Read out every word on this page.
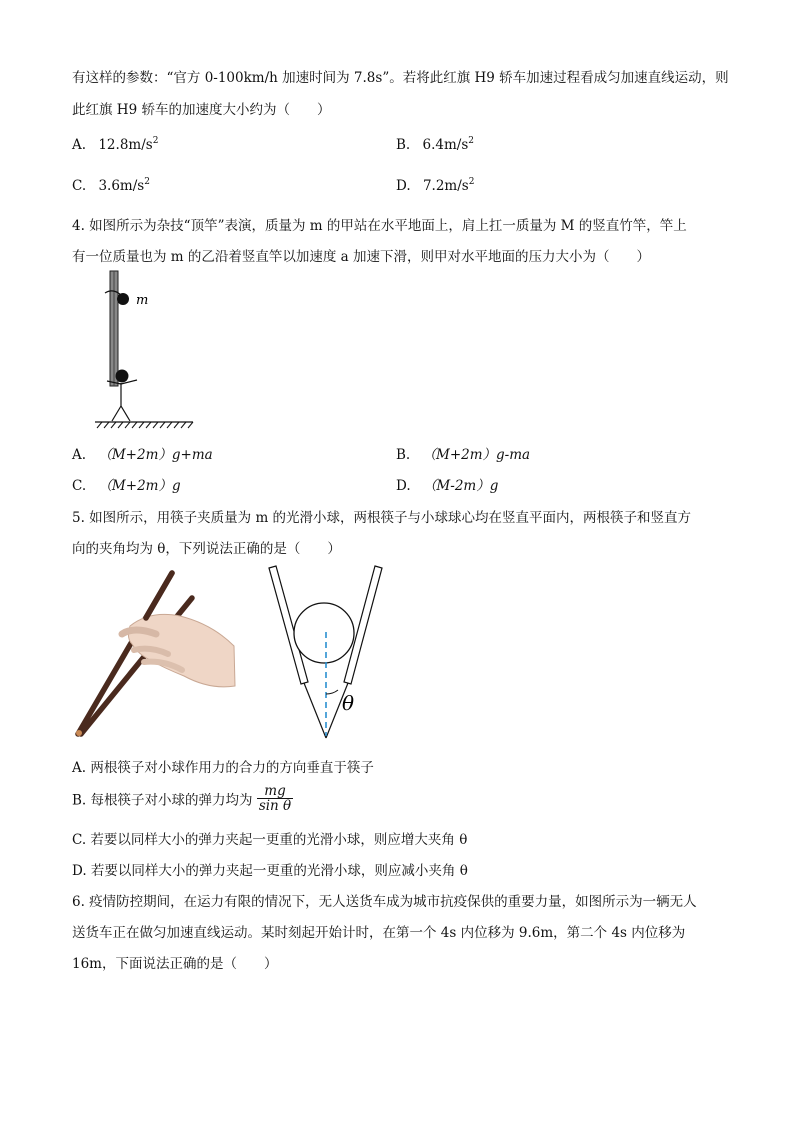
有这样的参数：“官方 0-100km/h 加速时间为 7.8s”。若将此红旗 H9 轿车加速过程看成匀加速直线运动，则
此红旗 H9 轿车的加速度大小约为（　　）
A. $12.8m/s^2$	B. $6.4m/s^2$
C. $3.6m/s^2$	D. $7.2m/s^2$
4. 如图所示为杂技“顶竿”表演，质量为 m 的甲站在水平地面上，肩上扛一质量为 M 的竖直竹竿，竿上
有一位质量也为 m 的乙沿着竖直竿以加速度 a 加速下滑，则甲对水平地面的压力大小为（　　）
m
A. （M+2m）g+ma	B. （M+2m）g-ma
C. （M+2m）g	D. （M-2m）g
5. 如图所示，用筷子夹质量为 m 的光滑小球，两根筷子与小球球心均在竖直平面内，两根筷子和竖直方
向的夹角均为 θ，下列说法正确的是（　　）
θ
A. 两根筷子对小球作用力的合力的方向垂直于筷子
B. 每根筷子对小球的弹力均为 $\frac{mg}{\text{sin θ}}$
C. 若要以同样大小的弹力夹起一更重的光滑小球，则应增大夹角 θ
D. 若要以同样大小的弹力夹起一更重的光滑小球，则应减小夹角 θ
6. 疫情防控期间，在运力有限的情况下，无人送货车成为城市抗疫保供的重要力量，如图所示为一辆无人
送货车正在做匀加速直线运动。某时刻起开始计时，在第一个 4s 内位移为 9.6m，第二个 4s 内位移为
16m，下面说法正确的是（　　）
